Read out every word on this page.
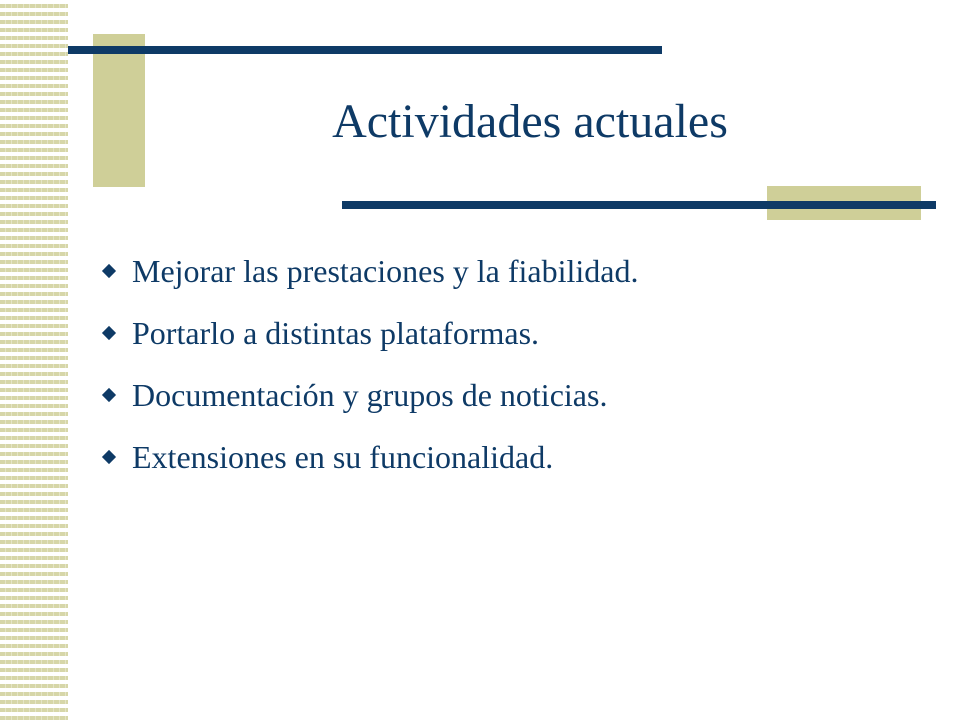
Actividades actuales
Mejorar las prestaciones y la fiabilidad.
Portarlo a distintas plataformas.
Documentación y grupos de noticias.
Extensiones en su funcionalidad.
